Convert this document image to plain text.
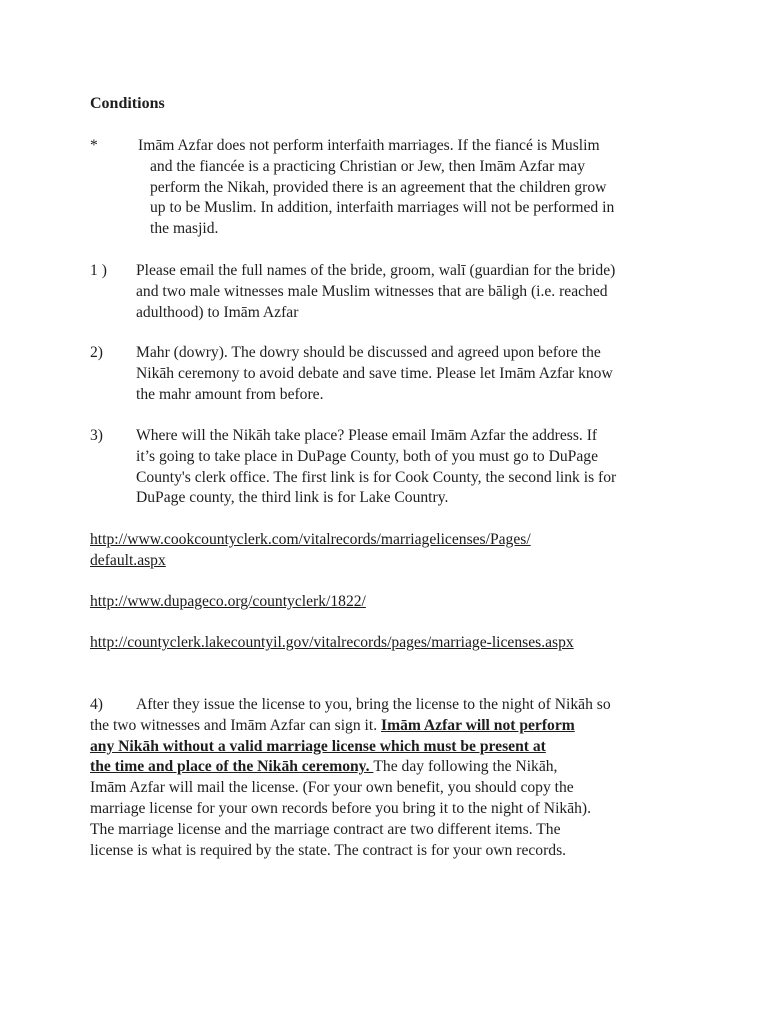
Conditions
*	Imām Azfar does not perform interfaith marriages. If the fiancé is Muslim
and the fiancée is a practicing Christian or Jew, then Imām Azfar may
perform the Nikah, provided there is an agreement that the children grow
up to be Muslim. In addition, interfaith marriages will not be performed in
the masjid.
1 ) Please email the full names of the bride, groom, walī (guardian for the bride)
and two male witnesses male Muslim witnesses that are bāligh (i.e. reached
adulthood) to Imām Azfar
2) Mahr (dowry). The dowry should be discussed and agreed upon before the
Nikāh ceremony to avoid debate and save time. Please let Imām Azfar know
the mahr amount from before.
3) Where will the Nikāh take place? Please email Imām Azfar the address. If
it’s going to take place in DuPage County, both of you must go to DuPage
County's clerk office. The first link is for Cook County, the second link is for
DuPage county, the third link is for Lake Country.
http://www.cookcountyclerk.com/vitalrecords/marriagelicenses/Pages/
default.aspx
http://www.dupageco.org/countyclerk/1822/
http://countyclerk.lakecountyil.gov/vitalrecords/pages/marriage-licenses.aspx
4)	After they issue the license to you, bring the license to the night of Nikāh so
the two witnesses and Imām Azfar can sign it. Imām Azfar will not perform
any Nikāh without a valid marriage license which must be present at
the time and place of the Nikāh ceremony. The day following the Nikāh,
Imām Azfar will mail the license. (For your own benefit, you should copy the
marriage license for your own records before you bring it to the night of Nikāh).
The marriage license and the marriage contract are two different items. The
license is what is required by the state. The contract is for your own records.
